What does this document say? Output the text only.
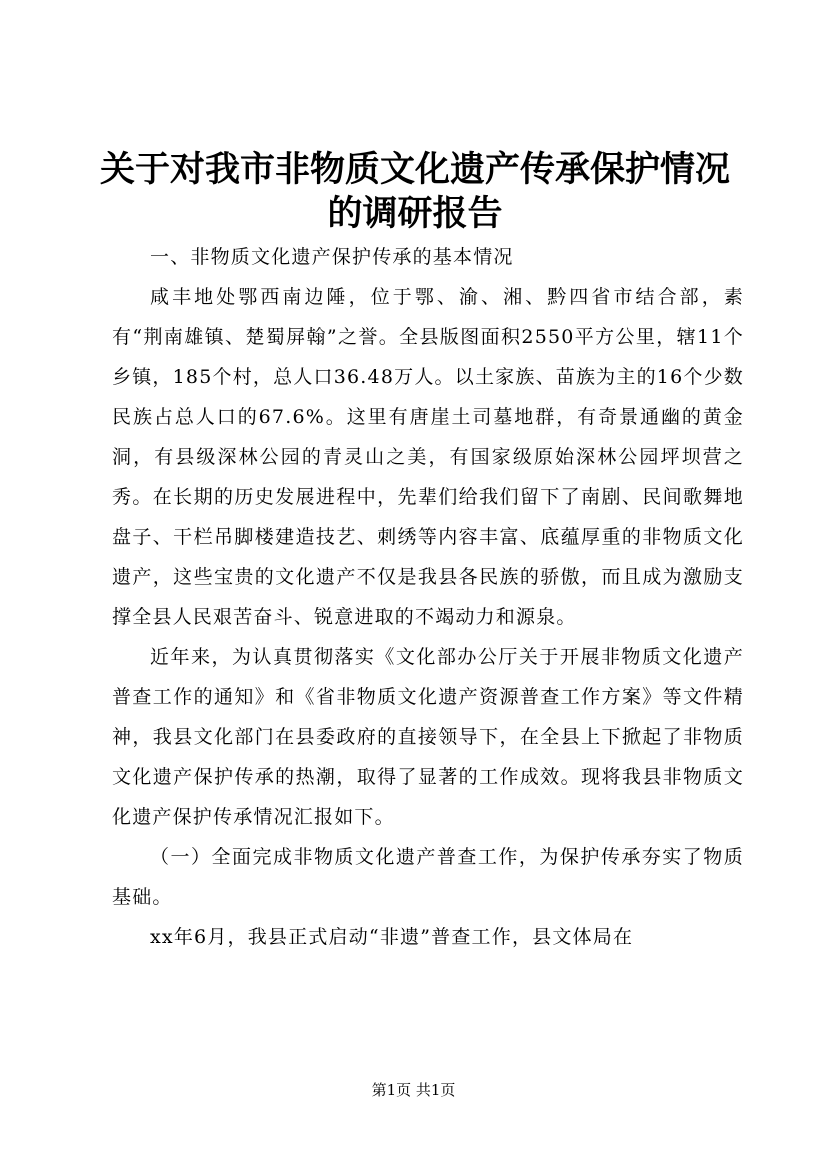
关于对我市非物质文化遗产传承保护情况的调研报告

一、非物质文化遗产保护传承的基本情况

咸丰地处鄂西南边陲，位于鄂、渝、湘、黔四省市结合部，素有“荆南雄镇、楚蜀屏翰”之誉。全县版图面积2550平方公里，辖11个乡镇，185个村，总人口36.48万人。以土家族、苗族为主的16个少数民族占总人口的67.6%。这里有唐崖土司墓地群，有奇景通幽的黄金洞，有县级深林公园的青灵山之美，有国家级原始深林公园坪坝营之秀。在长期的历史发展进程中，先辈们给我们留下了南剧、民间歌舞地盘子、干栏吊脚楼建造技艺、刺绣等内容丰富、底蕴厚重的非物质文化遗产，这些宝贵的文化遗产不仅是我县各民族的骄傲，而且成为激励支撑全县人民艰苦奋斗、锐意进取的不竭动力和源泉。

近年来，为认真贯彻落实《文化部办公厅关于开展非物质文化遗产普查工作的通知》和《省非物质文化遗产资源普查工作方案》等文件精神，我县文化部门在县委政府的直接领导下，在全县上下掀起了非物质文化遗产保护传承的热潮，取得了显著的工作成效。现将我县非物质文化遗产保护传承情况汇报如下。

（一）全面完成非物质文化遗产普查工作，为保护传承夯实了物质基础。

xx年6月，我县正式启动“非遗”普查工作，县文体局在

第1页 共1页
